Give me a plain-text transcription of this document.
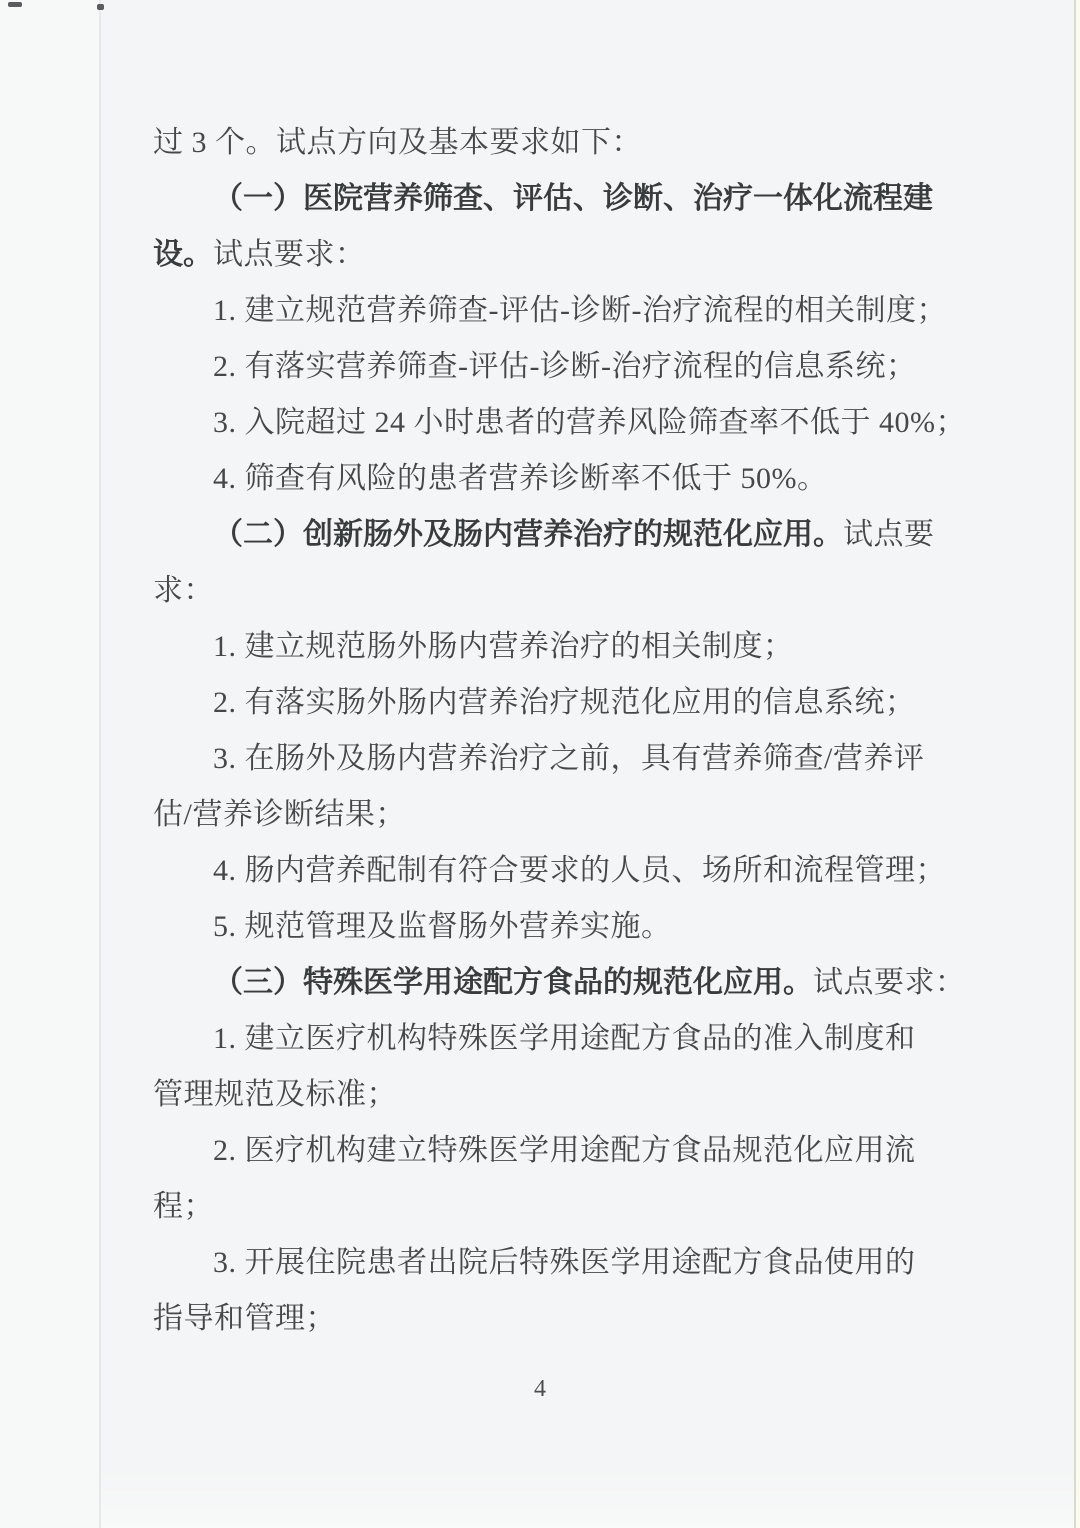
过 3 个。试点方向及基本要求如下：

（一）医院营养筛查、评估、诊断、治疗一体化流程建

设。试点要求：

1. 建立规范营养筛查-评估-诊断-治疗流程的相关制度；

2. 有落实营养筛查-评估-诊断-治疗流程的信息系统；

3. 入院超过 24 小时患者的营养风险筛查率不低于 40%；

4. 筛查有风险的患者营养诊断率不低于 50%。

（二）创新肠外及肠内营养治疗的规范化应用。试点要

求：

1. 建立规范肠外肠内营养治疗的相关制度；

2. 有落实肠外肠内营养治疗规范化应用的信息系统；

3. 在肠外及肠内营养治疗之前，具有营养筛查/营养评

估/营养诊断结果；

4. 肠内营养配制有符合要求的人员、场所和流程管理；

5. 规范管理及监督肠外营养实施。

（三）特殊医学用途配方食品的规范化应用。试点要求：

1. 建立医疗机构特殊医学用途配方食品的准入制度和

管理规范及标准；

2. 医疗机构建立特殊医学用途配方食品规范化应用流

程；

3. 开展住院患者出院后特殊医学用途配方食品使用的

指导和管理；

4
